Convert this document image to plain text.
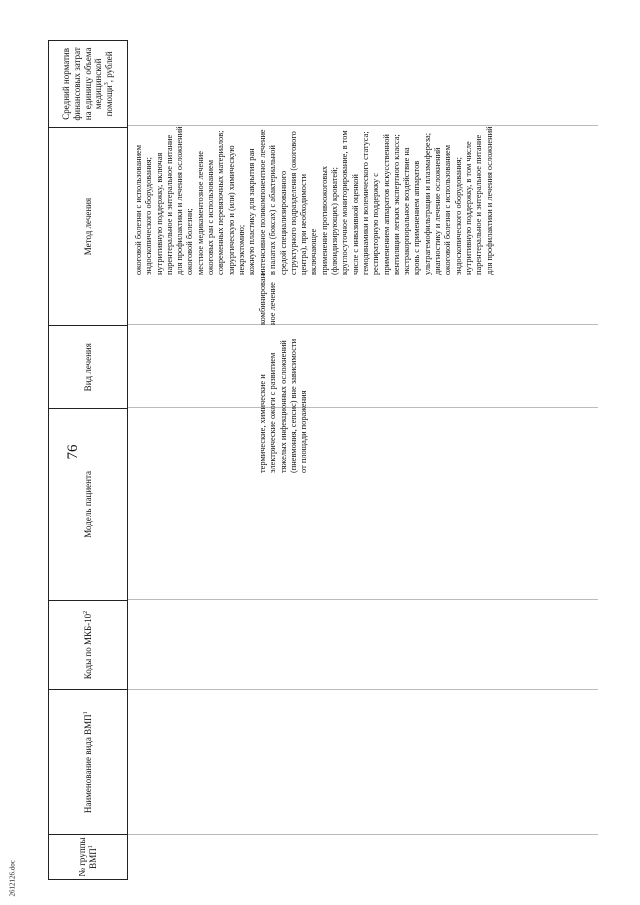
76
2612126.doc
№ группы ВМП$^1$
Наименование вида ВМП$^1$
Коды по МКБ-$10^2$
Модель пациента
Вид лечения
Метод лечения
Средний норматив финансовых затрат на единицу объема медицинской помощи$^3$, рублей
ожоговой болезни с использованием
эндоскопического оборудования;
нутритивную поддержку, включая
парентеральное и энтеральное питание
для профилактики и лечения осложнений
ожоговой болезни;
местное медикаментозное лечение
ожоговых ран с использованием
современных перевязочных материалов;
хирургическую и (или) химическую
некрэктомию;
кожную пластику для закрытия ран
термические, химические и
электрические ожоги с развитием
тяжелых инфекционных осложнений
(пневмония, сепсис) вне зависимости
от площади поражения
комбинирован-
ное лечение
интенсивное поликомпонентное лечение
в палатах (боксах) с абактериальной
средой специализированного
структурного подразделения (ожогового
центра), при необходимости
включающее
применение противоожоговых
(флюидизирующих) кроватей;
круглосуточное мониторирование, в том
числе с инвазивной оценкой
гемодинамики и волемического статуса;
респираторную поддержку с
применением аппаратов искусственной
вентиляции легких экспертного класса;
экстракорпоральное воздействие на
кровь с применением аппаратов
ультрагемофильтрации и плазмафереза;
диагностику и лечение осложнений
ожоговой болезни с использованием
эндоскопического оборудования;
нутритивную поддержку, в том числе
парентеральное и энтеральное питание
для профилактики и лечения осложнений
